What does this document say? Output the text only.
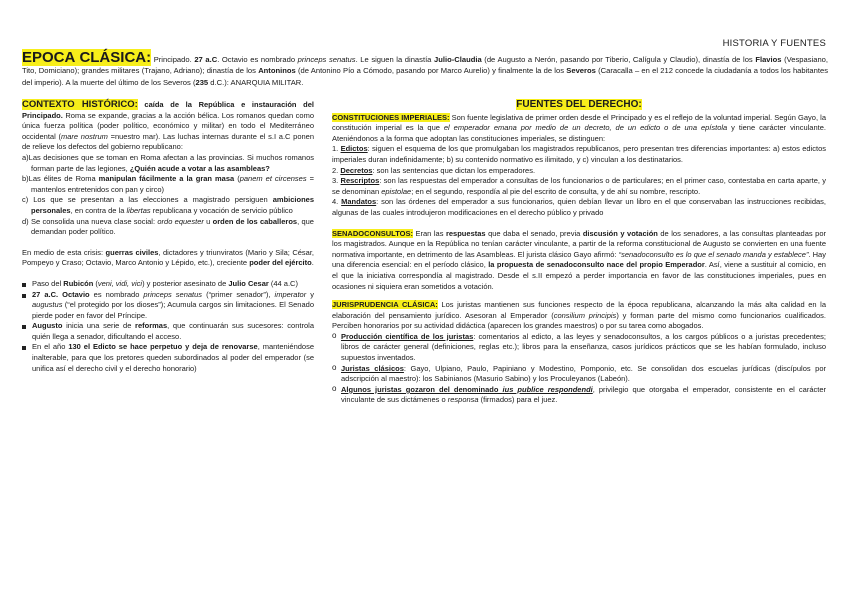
HISTORIA Y FUENTES
EPOCA CLÁSICA: Principado. 27 a.C. Octavio es nombrado princeps senatus. Le siguen la dinastía Julio-Claudia (de Augusto a Nerón, pasando por Tiberio, Calígula y Claudio), dinastía de los Flavios (Vespasiano, Tito, Domiciano); grandes militares (Trajano, Adriano); dinastía de los Antoninos (de Antonino Pío a Cómodo, pasando por Marco Aurelio) y finalmente la de los Severos (Caracalla – en el 212 concede la ciudadanía a todos los habitantes del imperio). A la muerte del último de los Severos (235 d.C.): ANARQUIA MILITAR.

CONTEXTO HISTÓRICO: caída de la República e instauración del Principado. Roma se expande, gracias a la acción bélica. Los romanos quedan como única fuerza política (poder político, económico y militar) en todo el Mediterráneo occidental (mare nostrum =nuestro mar). Las luchas internas durante el s.I a.C ponen de relieve los defectos del gobierno republicano:

a)Las decisiones que se toman en Roma afectan a las provincias. Si muchos romanos forman parte de las legiones, ¿Quién acude a votar a las asambleas?

b)Las élites de Roma manipulan fácilmente a la gran masa (panem et circenses = mantenlos entretenidos con pan y circo)

c) Los que se presentan a las elecciones a magistrado persiguen ambiciones personales, en contra de la libertas republicana y vocación de servicio público

d) Se consolida una nueva clase social: ordo equester u orden de los caballeros, que demandan poder político.

En medio de esta crisis: guerras civiles, dictadores y triunviratos (Mario y Sila; César, Pompeyo y Craso; Octavio, Marco Antonio y Lépido, etc.), creciente poder del ejército.

Paso del Rubicón (veni, vidi, vici) y posterior asesinato de Julio Cesar (44 a.C)
27 a.C. Octavio es nombrado princeps senatus (“primer senador”), imperator y augustus (“el protegido por los dioses”); Acumula cargos sin limitaciones. El Senado pierde poder en favor del Príncipe.
Augusto inicia una serie de reformas, que continuarán sus sucesores: controla quién llega a senador, dificultando el acceso.
En el año 130 el Edicto se hace perpetuo y deja de renovarse, manteniéndose inalterable, para que los pretores queden subordinados al poder del emperador (se unifica así el derecho civil y el derecho honorario)

FUENTES DEL DERECHO:

CONSTITUCIONES IMPERIALES: Son fuente legislativa de primer orden desde el Principado y es el reflejo de la voluntad imperial. Según Gayo, la constitución imperial es la que el emperador emana por medio de un decreto, de un edicto o de una epístola y tiene carácter vinculante. Ateniéndonos a la forma que adoptan las constituciones imperiales, se distinguen:

1. Edictos: siguen el esquema de los que promulgaban los magistrados republicanos, pero presentan tres diferencias importantes: a) estos edictos imperiales duran indefinidamente; b) su contenido normativo es ilimitado, y c) vinculan a los destinatarios.

2. Decretos: son las sentencias que dictan los emperadores.

3. Rescriptos: son las respuestas del emperador a consultas de los funcionarios o de particulares; en el primer caso, contestaba en carta aparte, y se denominan epistolae; en el segundo, respondía al pie del escrito de consulta, y de ahí su nombre, rescripto.

4. Mandatos: son las órdenes del emperador a sus funcionarios, quien debían llevar un libro en el que conservaban las instrucciones recibidas, algunas de las cuales introdujeron modificaciones en el derecho público y privado

SENADOCONSULTOS: Eran las respuestas que daba el senado, previa discusión y votación de los senadores, a las consultas planteadas por los magistrados. Aunque en la República no tenían carácter vinculante, a partir de la reforma constitucional de Augusto se convierten en una fuente normativa importante, en detrimento de las Asambleas. El jurista clásico Gayo afirmó: “senadoconsulto es lo que el senado manda y establece”. Hay una diferencia esencial: en el período clásico, la propuesta de senadoconsulto nace del propio Emperador. Así, viene a sustituir al comicio, en el que la iniciativa correspondía al magistrado. Desde el s.II empezó a perder importancia en favor de las constituciones imperiales, pues en ocasiones ni siquiera eran sometidos a votación.

JURISPRUDENCIA CLÁSICA: Los juristas mantienen sus funciones respecto de la época republicana, alcanzando la más alta calidad en la elaboración del pensamiento jurídico. Asesoran al Emperador (consilium principis) y forman parte del mismo como funcionarios cualificados. Perciben honorarios por su actividad didáctica (aparecen los grandes maestros) o por su tarea como abogados.

o Producción científica de los juristas: comentarios al edicto, a las leyes y senadoconsultos, a los cargos públicos o a juristas precedentes; libros de carácter general (definiciones, reglas etc.); libros para la enseñanza, casos jurídicos prácticos que se les habían formulado, incluso supuestos inventados.
o Juristas clásicos: Gayo, Ulpiano, Paulo, Papiniano y Modestino, Pomponio, etc. Se consolidan dos escuelas jurídicas (discípulos por adscripción al maestro): los Sabinianos (Masurio Sabino) y los Proculeyanos (Labeón).
o Algunos juristas gozaron del denominado ius publice respondendi, privilegio que otorgaba el emperador, consistente en el carácter vinculante de sus dictámenes o responsa (firmados) para el juez.
